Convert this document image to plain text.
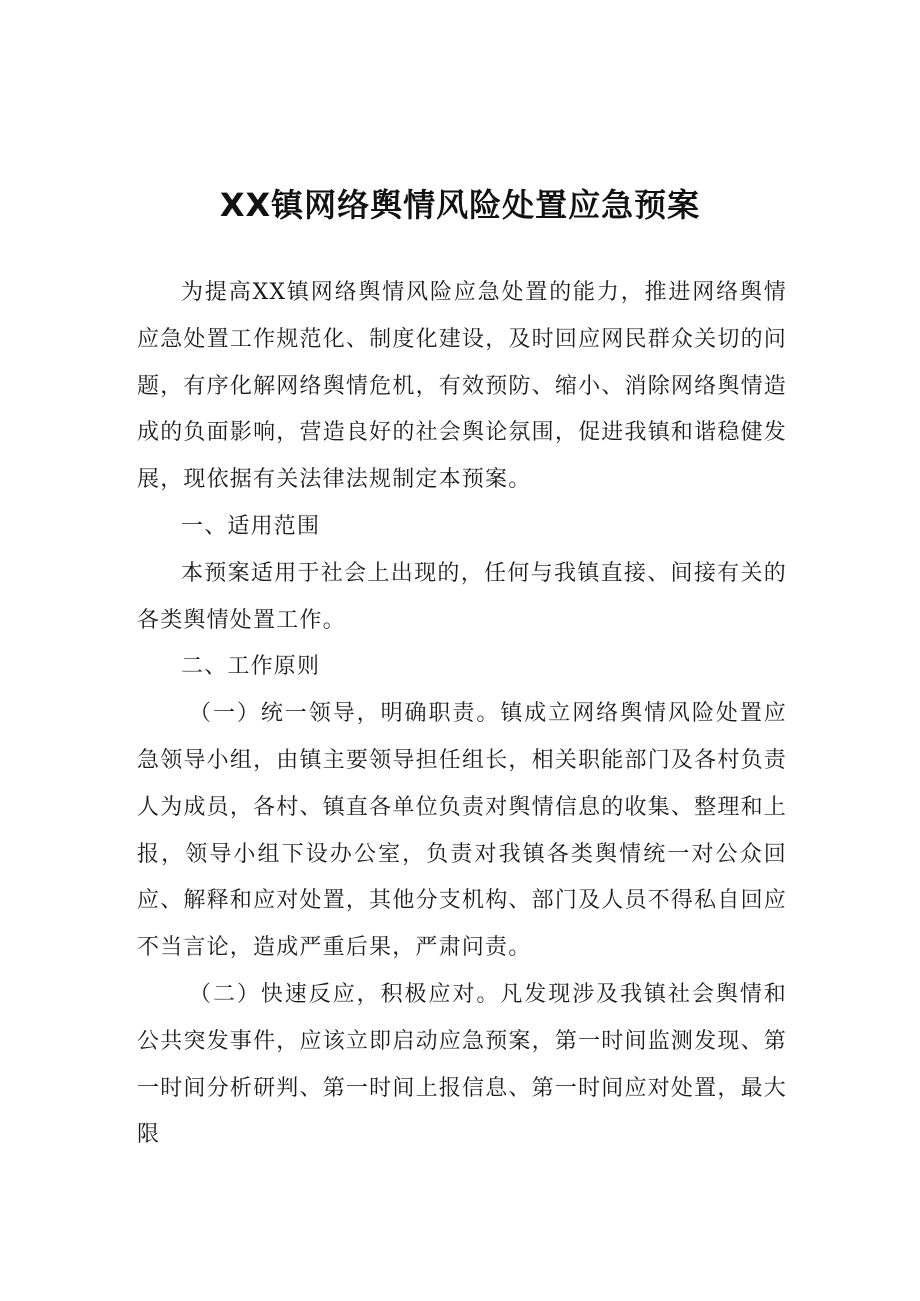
XX镇网络舆情风险处置应急预案

为提高XX镇网络舆情风险应急处置的能力，推进网络舆情应急处置工作规范化、制度化建设，及时回应网民群众关切的问题，有序化解网络舆情危机，有效预防、缩小、消除网络舆情造成的负面影响，营造良好的社会舆论氛围，促进我镇和谐稳健发展，现依据有关法律法规制定本预案。

一、适用范围

本预案适用于社会上出现的，任何与我镇直接、间接有关的各类舆情处置工作。

二、工作原则

（一）统一领导，明确职责。镇成立网络舆情风险处置应急领导小组，由镇主要领导担任组长，相关职能部门及各村负责人为成员，各村、镇直各单位负责对舆情信息的收集、整理和上报，领导小组下设办公室，负责对我镇各类舆情统一对公众回应、解释和应对处置，其他分支机构、部门及人员不得私自回应不当言论，造成严重后果，严肃问责。

（二）快速反应，积极应对。凡发现涉及我镇社会舆情和公共突发事件，应该立即启动应急预案，第一时间监测发现、第一时间分析研判、第一时间上报信息、第一时间应对处置，最大限
